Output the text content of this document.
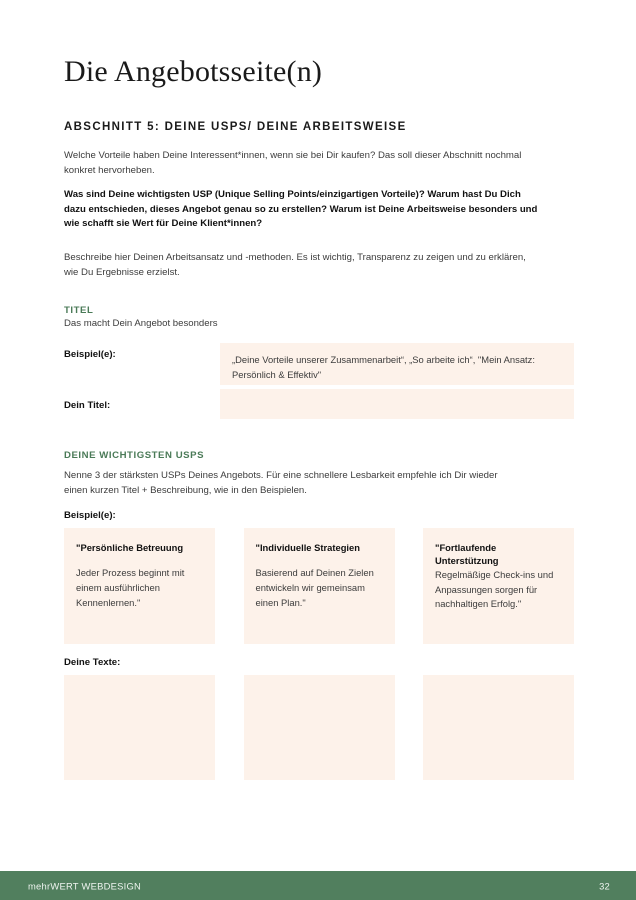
Die Angebotsseite(n)
ABSCHNITT 5: DEINE USPS/ DEINE ARBEITSWEISE

Welche Vorteile haben Deine Interessent*innen, wenn sie bei Dir kaufen? Das soll dieser Abschnitt nochmal konkret hervorheben.

Was sind Deine wichtigsten USP (Unique Selling Points/einzigartigen Vorteile)? Warum hast Du Dich dazu entschieden, dieses Angebot genau so zu erstellen? Warum ist Deine Arbeitsweise besonders und wie schafft sie Wert für Deine Klient*innen?

Beschreibe hier Deinen Arbeitsansatz und -methoden. Es ist wichtig, Transparenz zu zeigen und zu erklären, wie Du Ergebnisse erzielst.

TITEL
Das macht Dein Angebot besonders
Beispiel(e):	„Deine Vorteile unserer Zusammenarbeit“, „So arbeite ich“, "Mein Ansatz: Persönlich & Effektiv"
Dein Titel:
DEINE WICHTIGSTEN USPS
Nenne 3 der stärksten USPs Deines Angebots. Für eine schnellere Lesbarkeit empfehle ich Dir wieder einen kurzen Titel + Beschreibung, wie in den Beispielen.
Beispiel(e):
"Persönliche Betreuung
Jeder Prozess beginnt mit einem ausführlichen Kennenlernen."
"Individuelle Strategien
Basierend auf Deinen Zielen entwickeln wir gemeinsam einen Plan."
"Fortlaufende Unterstützung
Regelmäßige Check-ins und Anpassungen sorgen für nachhaltigen Erfolg."
Deine Texte:
mehrWERT WEBDESIGN	32
